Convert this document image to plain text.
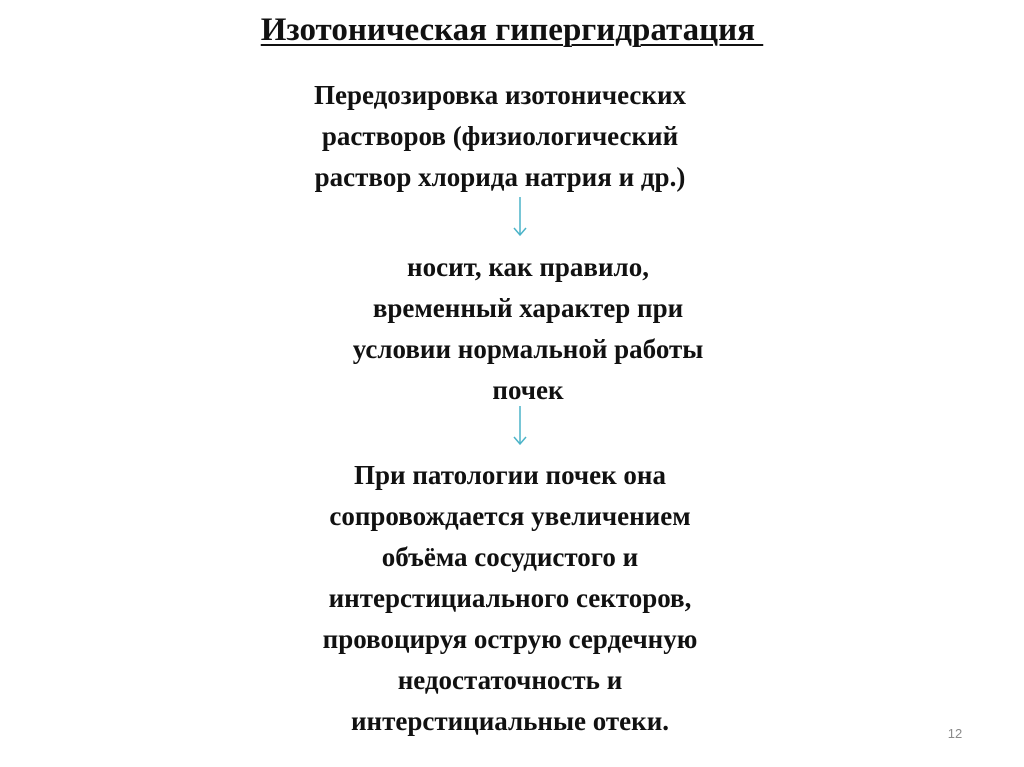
Изотоническая гипергидратация
Передозировка изотонических
растворов (физиологический
раствор хлорида натрия и др.)
носит, как правило,
временный характер при
условии нормальной работы
почек
При патологии почек она
сопровождается увеличением
объёма сосудистого и
интерстициального секторов,
провоцируя острую сердечную
недостаточность и
интерстициальные отеки.	12
